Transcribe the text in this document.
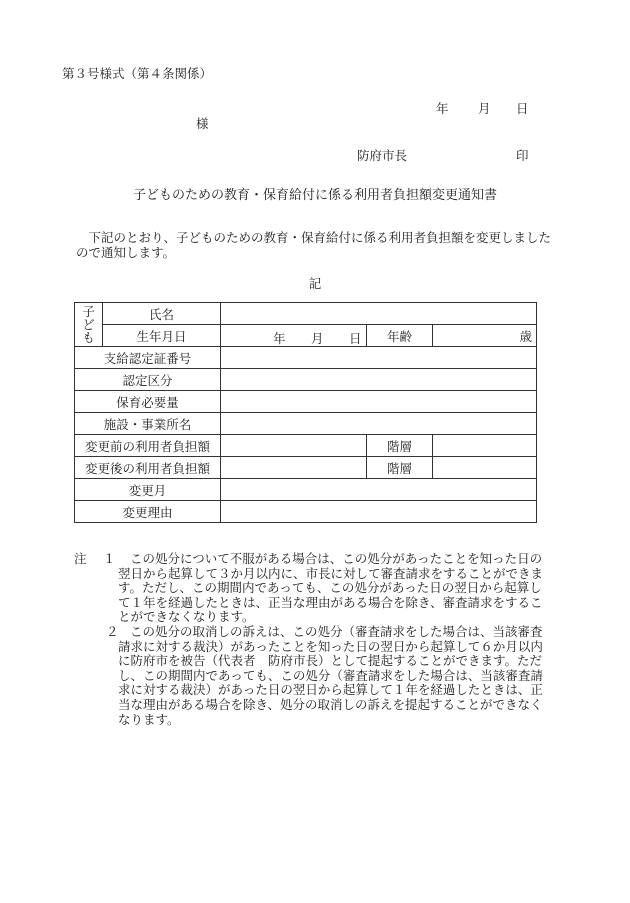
第３号様式（第４条関係）
年 月 日
様
防府市長	印
子どものための教育・保育給付に係る利用者負担額変更通知書
下記のとおり、子どものための教育・保育給付に係る利用者負担額を変更しましたので通知します。
記
子ども	氏名			
	生年月日	年 月 日	年齢	歳
支給認定証番号				
認定区分				
保育必要量				
施設・事業所名				
変更前の利用者負担額			階層	
変更後の利用者負担額			階層	
変更月				
変更理由				
注 １	この処分について不服がある場合は、この処分があったことを知った日の翌日から起算して３か月以内に、市長に対して審査請求をすることができます。ただし、この期間内であっても、この処分があった日の翌日から起算して１年を経過したときは、正当な理由がある場合を除き、審査請求をすることができなくなります。
２ この処分の取消しの訴えは、この処分（審査請求をした場合は、当該審査請求に対する裁決）があったことを知った日の翌日から起算して６か月以内に防府市を被告（代表者　防府市長）として提起することができます。ただし、この期間内であっても、この処分（審査請求をした場合は、当該審査請求に対する裁決）があった日の翌日から起算して１年を経過したときは、正当な理由がある場合を除き、処分の取消しの訴えを提起することができなくなります。
